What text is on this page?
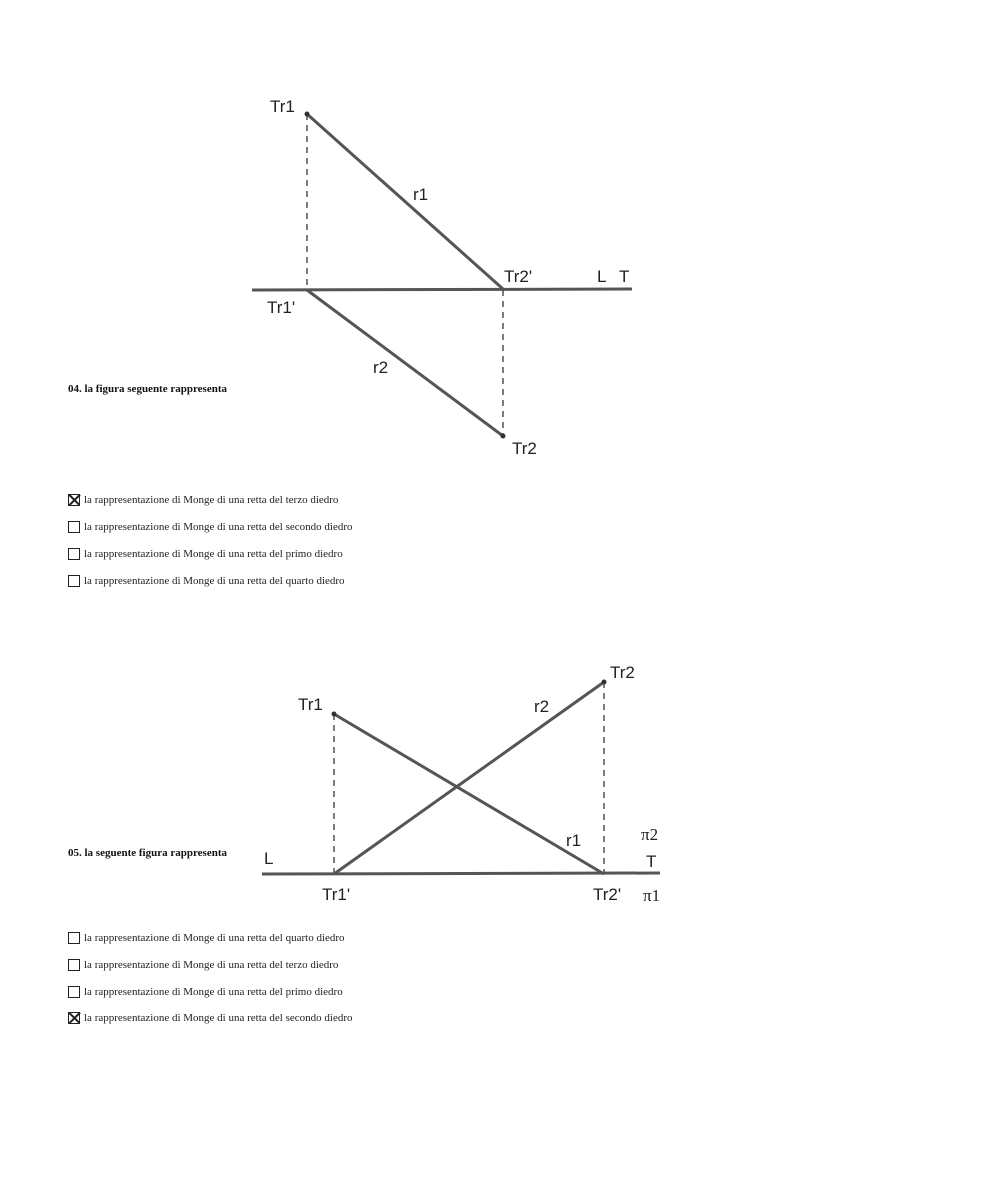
Tr1
Tr1'
Tr2'
Tr2
r1
r2
L T
Tr1
Tr1'
Tr2
Tr2'
r1
r2
L	T
π2
π1
04. la figura seguente rappresenta
la rappresentazione di Monge di una retta del terzo diedro
la rappresentazione di Monge di una retta del secondo diedro
la rappresentazione di Monge di una retta del primo diedro
la rappresentazione di Monge di una retta del quarto diedro
05. la seguente figura rappresenta
la rappresentazione di Monge di una retta del quarto diedro
la rappresentazione di Monge di una retta del terzo diedro
la rappresentazione di Monge di una retta del primo diedro
la rappresentazione di Monge di una retta del secondo diedro
